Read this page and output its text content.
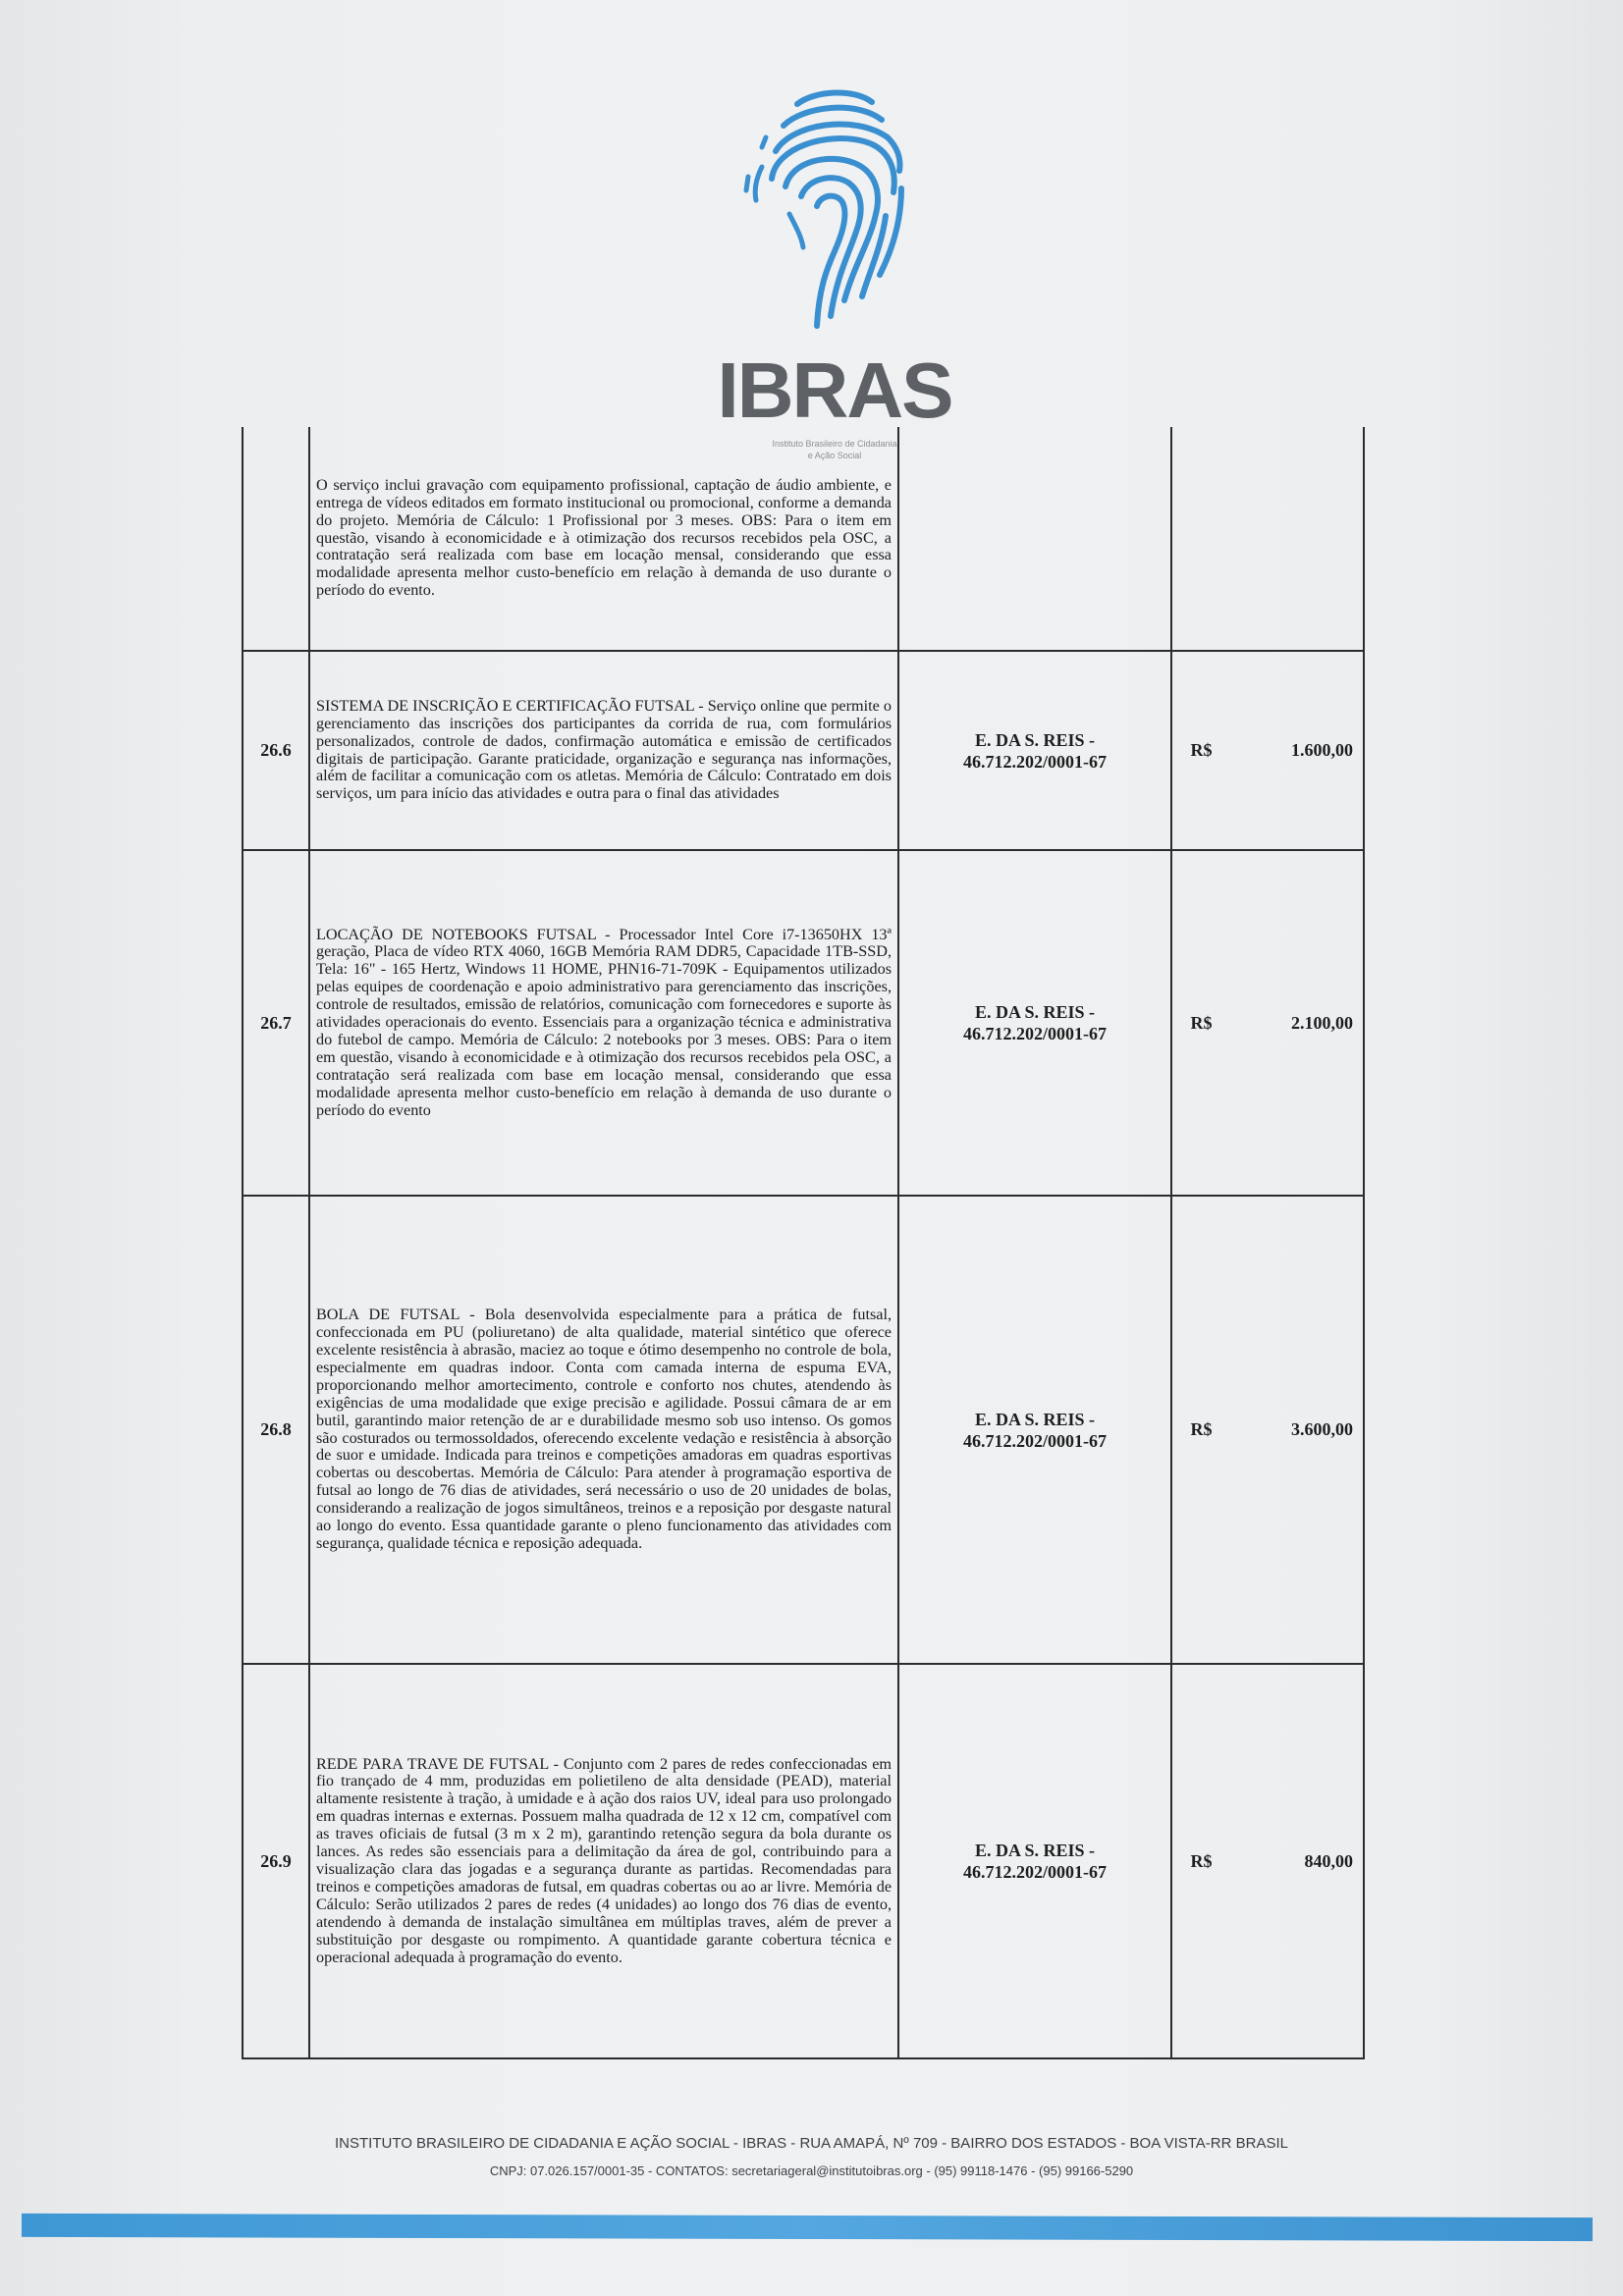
IBRAS
Instituto Brasileiro de Cidadania
e Ação Social
	O serviço inclui gravação com equipamento profissional, captação de áudio ambiente, e entrega de vídeos editados em formato institucional ou promocional, conforme a demanda do projeto. Memória de Cálculo: 1 Profissional por 3 meses. OBS: Para o item em questão, visando à economicidade e à otimização dos recursos recebidos pela OSC, a contratação será realizada com base em locação mensal, considerando que essa modalidade apresenta melhor custo-benefício em relação à demanda de uso durante o período do evento.			
26.6	SISTEMA DE INSCRIÇÃO E CERTIFICAÇÃO FUTSAL - Serviço online que permite o gerenciamento das inscrições dos participantes da corrida de rua, com formulários personalizados, controle de dados, confirmação automática e emissão de certificados digitais de participação. Garante praticidade, organização e segurança nas informações, além de facilitar a comunicação com os atletas. Memória de Cálculo: Contratado em dois serviços, um para início das atividades e outra para o final das atividades	E. DA S. REIS -
46.712.202/0001-67	R$	1.600,00
26.7	LOCAÇÃO DE NOTEBOOKS FUTSAL - Processador Intel Core i7-13650HX 13ª geração, Placa de vídeo RTX 4060, 16GB Memória RAM DDR5, Capacidade 1TB-SSD, Tela: 16" - 165 Hertz, Windows 11 HOME, PHN16-71-709K - Equipamentos utilizados pelas equipes de coordenação e apoio administrativo para gerenciamento das inscrições, controle de resultados, emissão de relatórios, comunicação com fornecedores e suporte às atividades operacionais do evento. Essenciais para a organização técnica e administrativa do futebol de campo. Memória de Cálculo: 2 notebooks por 3 meses. OBS: Para o item em questão, visando à economicidade e à otimização dos recursos recebidos pela OSC, a contratação será realizada com base em locação mensal, considerando que essa modalidade apresenta melhor custo-benefício em relação à demanda de uso durante o período do evento	E. DA S. REIS -
46.712.202/0001-67	R$	2.100,00
26.8	BOLA DE FUTSAL - Bola desenvolvida especialmente para a prática de futsal, confeccionada em PU (poliuretano) de alta qualidade, material sintético que oferece excelente resistência à abrasão, maciez ao toque e ótimo desempenho no controle de bola, especialmente em quadras indoor. Conta com camada interna de espuma EVA, proporcionando melhor amortecimento, controle e conforto nos chutes, atendendo às exigências de uma modalidade que exige precisão e agilidade. Possui câmara de ar em butil, garantindo maior retenção de ar e durabilidade mesmo sob uso intenso. Os gomos são costurados ou termossoldados, oferecendo excelente vedação e resistência à absorção de suor e umidade. Indicada para treinos e competições amadoras em quadras esportivas cobertas ou descobertas. Memória de Cálculo: Para atender à programação esportiva de futsal ao longo de 76 dias de atividades, será necessário o uso de 20 unidades de bolas, considerando a realização de jogos simultâneos, treinos e a reposição por desgaste natural ao longo do evento. Essa quantidade garante o pleno funcionamento das atividades com segurança, qualidade técnica e reposição adequada.	E. DA S. REIS -
46.712.202/0001-67	R$	3.600,00
26.9	REDE PARA TRAVE DE FUTSAL - Conjunto com 2 pares de redes confeccionadas em fio trançado de 4 mm, produzidas em polietileno de alta densidade (PEAD), material altamente resistente à tração, à umidade e à ação dos raios UV, ideal para uso prolongado em quadras internas e externas. Possuem malha quadrada de 12 x 12 cm, compatível com as traves oficiais de futsal (3 m x 2 m), garantindo retenção segura da bola durante os lances. As redes são essenciais para a delimitação da área de gol, contribuindo para a visualização clara das jogadas e a segurança durante as partidas. Recomendadas para treinos e competições amadoras de futsal, em quadras cobertas ou ao ar livre. Memória de Cálculo: Serão utilizados 2 pares de redes (4 unidades) ao longo dos 76 dias de evento, atendendo à demanda de instalação simultânea em múltiplas traves, além de prever a substituição por desgaste ou rompimento. A quantidade garante cobertura técnica e operacional adequada à programação do evento.	E. DA S. REIS -
46.712.202/0001-67	R$	840,00
INSTITUTO BRASILEIRO DE CIDADANIA E AÇÃO SOCIAL - IBRAS - RUA AMAPÁ, Nº 709 - BAIRRO DOS ESTADOS - BOA VISTA-RR BRASIL
CNPJ: 07.026.157/0001-35 - CONTATOS: secretariageral@institutoibras.org - (95) 99118-1476 - (95) 99166-5290
